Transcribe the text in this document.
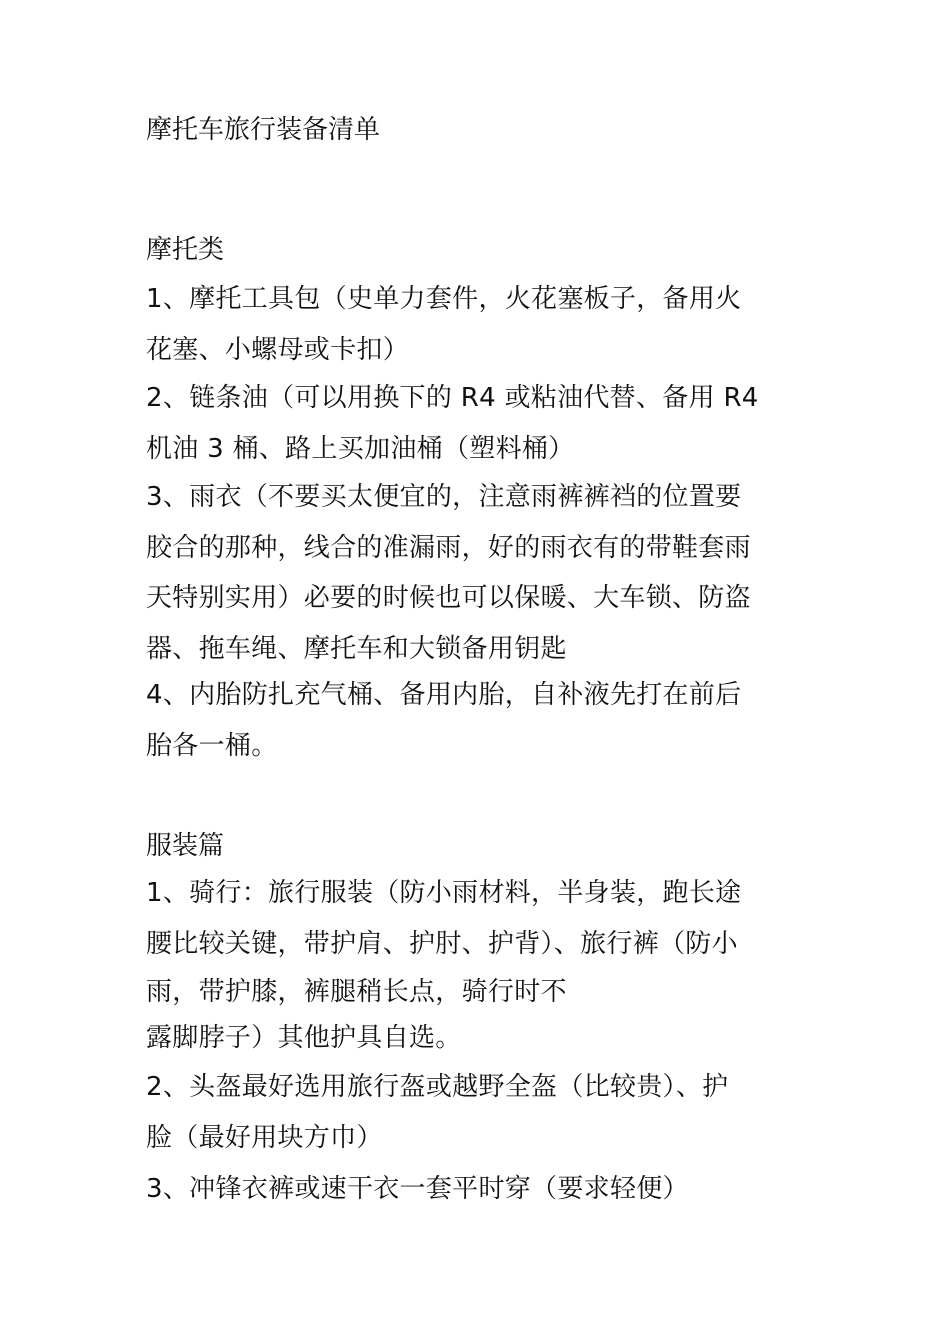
摩托车旅行装备清单
摩托类
1、摩托工具包（史单力套件，火花塞板子，备用火
花塞、小螺母或卡扣）
2、链条油（可以用换下的 R4 或粘油代替、备用 R4
机油 3 桶、路上买加油桶（塑料桶）
3、雨衣（不要买太便宜的，注意雨裤裤裆的位置要
胶合的那种，线合的准漏雨，好的雨衣有的带鞋套雨
天特别实用）必要的时候也可以保暖、大车锁、防盗
器、拖车绳、摩托车和大锁备用钥匙
4、内胎防扎充气桶、备用内胎，自补液先打在前后
胎各一桶。
服装篇
1、骑行：旅行服装（防小雨材料，半身装，跑长途
腰比较关键，带护肩、护肘、护背）、旅行裤（防小
雨，带护膝，裤腿稍长点，骑行时不
露脚脖子）其他护具自选。
2、头盔最好选用旅行盔或越野全盔（比较贵）、护
脸（最好用块方巾）
3、冲锋衣裤或速干衣一套平时穿（要求轻便）
